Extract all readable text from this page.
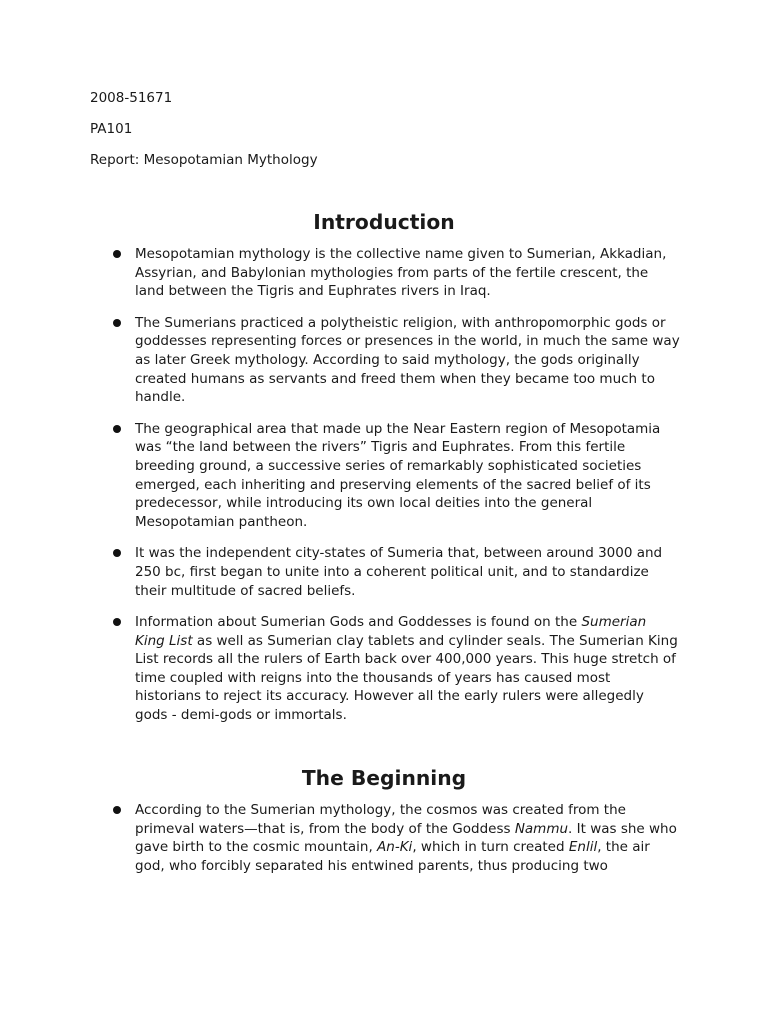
2008-51671

PA101

Report: Mesopotamian Mythology

Introduction
Mesopotamian mythology is the collective name given to Sumerian, Akkadian, Assyrian, and Babylonian mythologies from parts of the fertile crescent, the land between the Tigris and Euphrates rivers in Iraq.
The Sumerians practiced a polytheistic religion, with anthropomorphic gods or goddesses representing forces or presences in the world, in much the same way as later Greek mythology. According to said mythology, the gods originally created humans as servants and freed them when they became too much to handle.
The geographical area that made up the Near Eastern region of Mesopotamia was “the land between the rivers” Tigris and Euphrates. From this fertile breeding ground, a successive series of remarkably sophisticated societies emerged, each inheriting and preserving elements of the sacred belief of its predecessor, while introducing its own local deities into the general Mesopotamian pantheon.
It was the independent city-states of Sumeria that, between around 3000 and 250 bc, first began to unite into a coherent political unit, and to standardize their multitude of sacred beliefs.
Information about Sumerian Gods and Goddesses is found on the Sumerian King List as well as Sumerian clay tablets and cylinder seals. The Sumerian King List records all the rulers of Earth back over 400,000 years. This huge stretch of time coupled with reigns into the thousands of years has caused most historians to reject its accuracy. However all the early rulers were allegedly gods - demi-gods or immortals.
The Beginning
According to the Sumerian mythology, the cosmos was created from the primeval waters—that is, from the body of the Goddess Nammu. It was she who gave birth to the cosmic mountain, An-Ki, which in turn created Enlil, the air god, who forcibly separated his entwined parents, thus producing two
